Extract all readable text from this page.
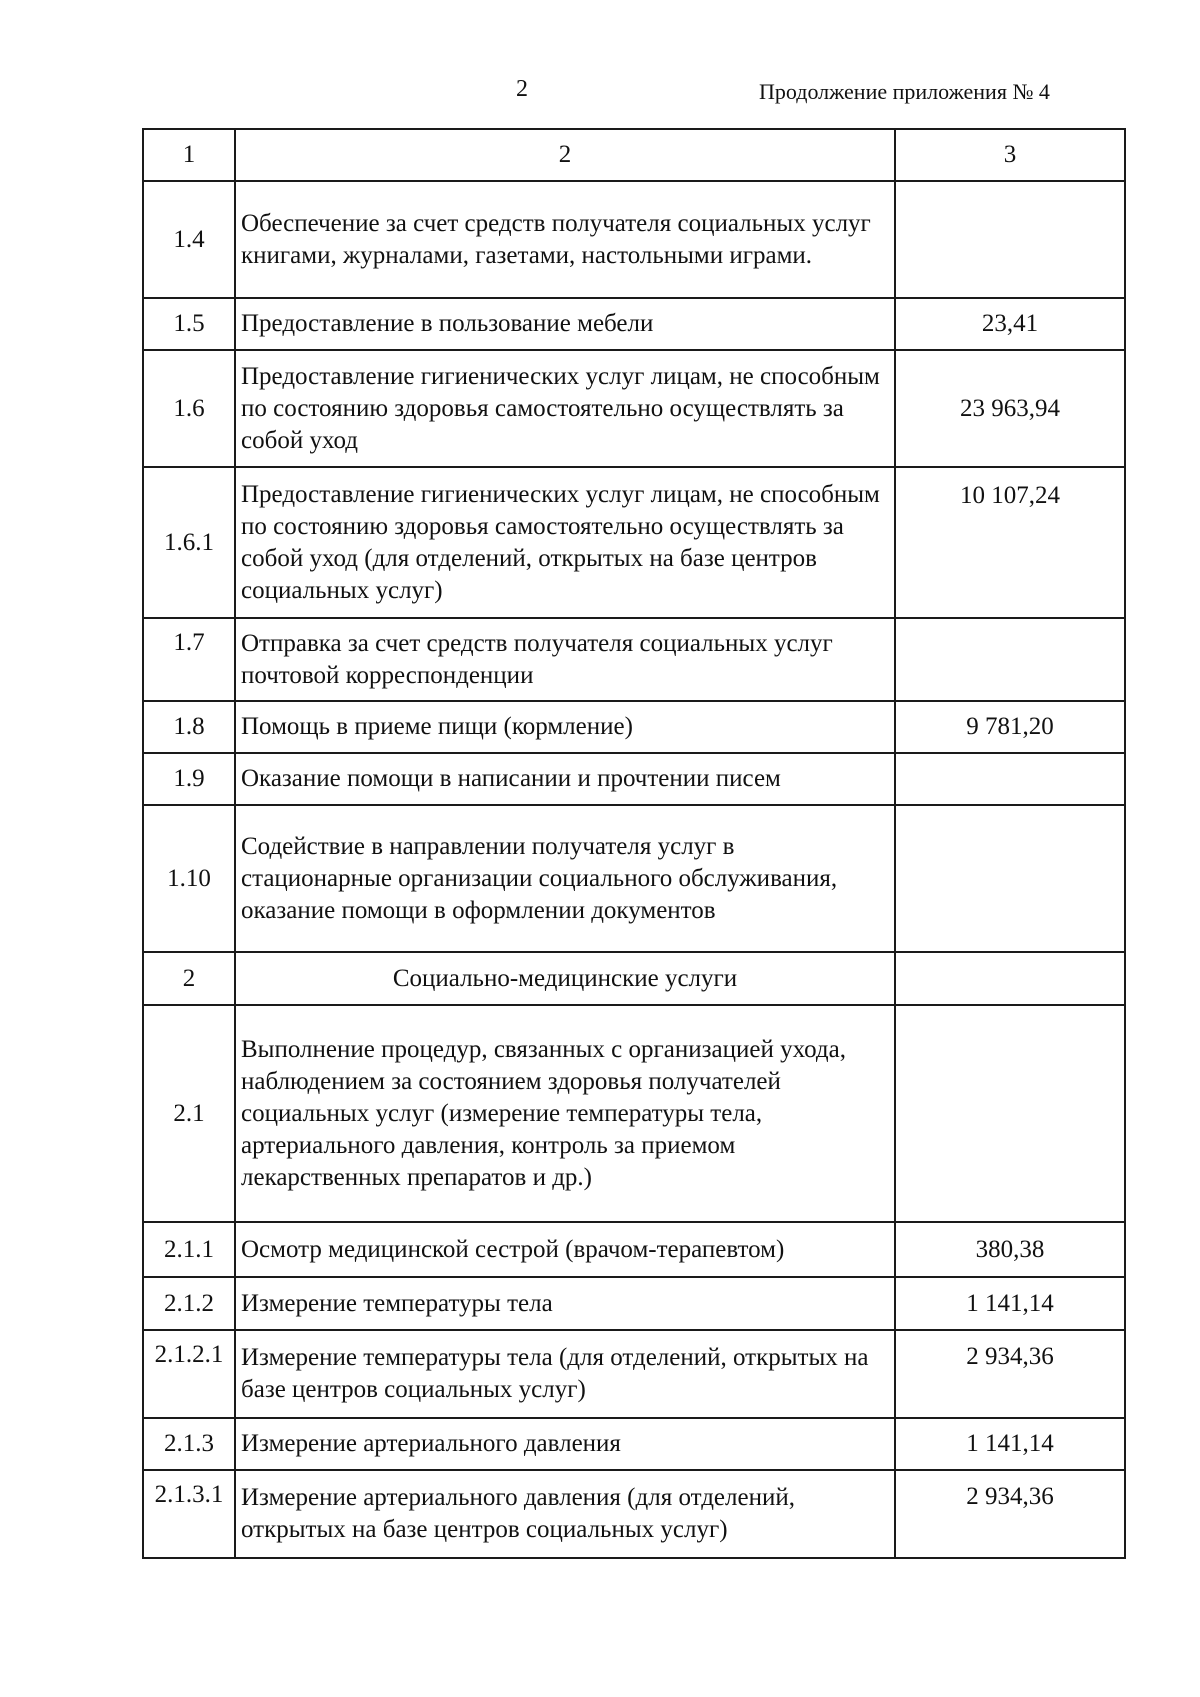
2	Продолжение приложения № 4
1	2	3
1.4	Обеспечение за счет средств получателя социальных услуг книгами, журналами, газетами, настольными играми.	
1.5	Предоставление в пользование мебели	23,41
1.6	Предоставление гигиенических услуг лицам, не способным по состоянию здоровья самостоятельно осуществлять за собой уход	23 963,94
1.6.1	Предоставление гигиенических услуг лицам, не способным по состоянию здоровья самостоятельно осуществлять за собой уход (для отделений, открытых на базе центров социальных услуг)	10 107,24
1.7	Отправка за счет средств получателя социальных услуг почтовой корреспонденции	
1.8	Помощь в приеме пищи (кормление)	9 781,20
1.9	Оказание помощи в написании и прочтении писем	
1.10	Содействие в направлении получателя услуг в стационарные организации социального обслуживания, оказание помощи в оформлении документов	
2	Социально-медицинские услуги	
2.1	Выполнение процедур, связанных с организацией ухода, наблюдением за состоянием здоровья получателей социальных услуг (измерение температуры тела, артериального давления, контроль за приемом лекарственных препаратов и др.)	
2.1.1	Осмотр медицинской сестрой (врачом-терапевтом)	380,38
2.1.2	Измерение температуры тела	1 141,14
2.1.2.1	Измерение температуры тела (для отделений, открытых на базе центров социальных услуг)	2 934,36
2.1.3	Измерение артериального давления	1 141,14
2.1.3.1	Измерение артериального давления (для отделений, открытых на базе центров социальных услуг)	2 934,36
